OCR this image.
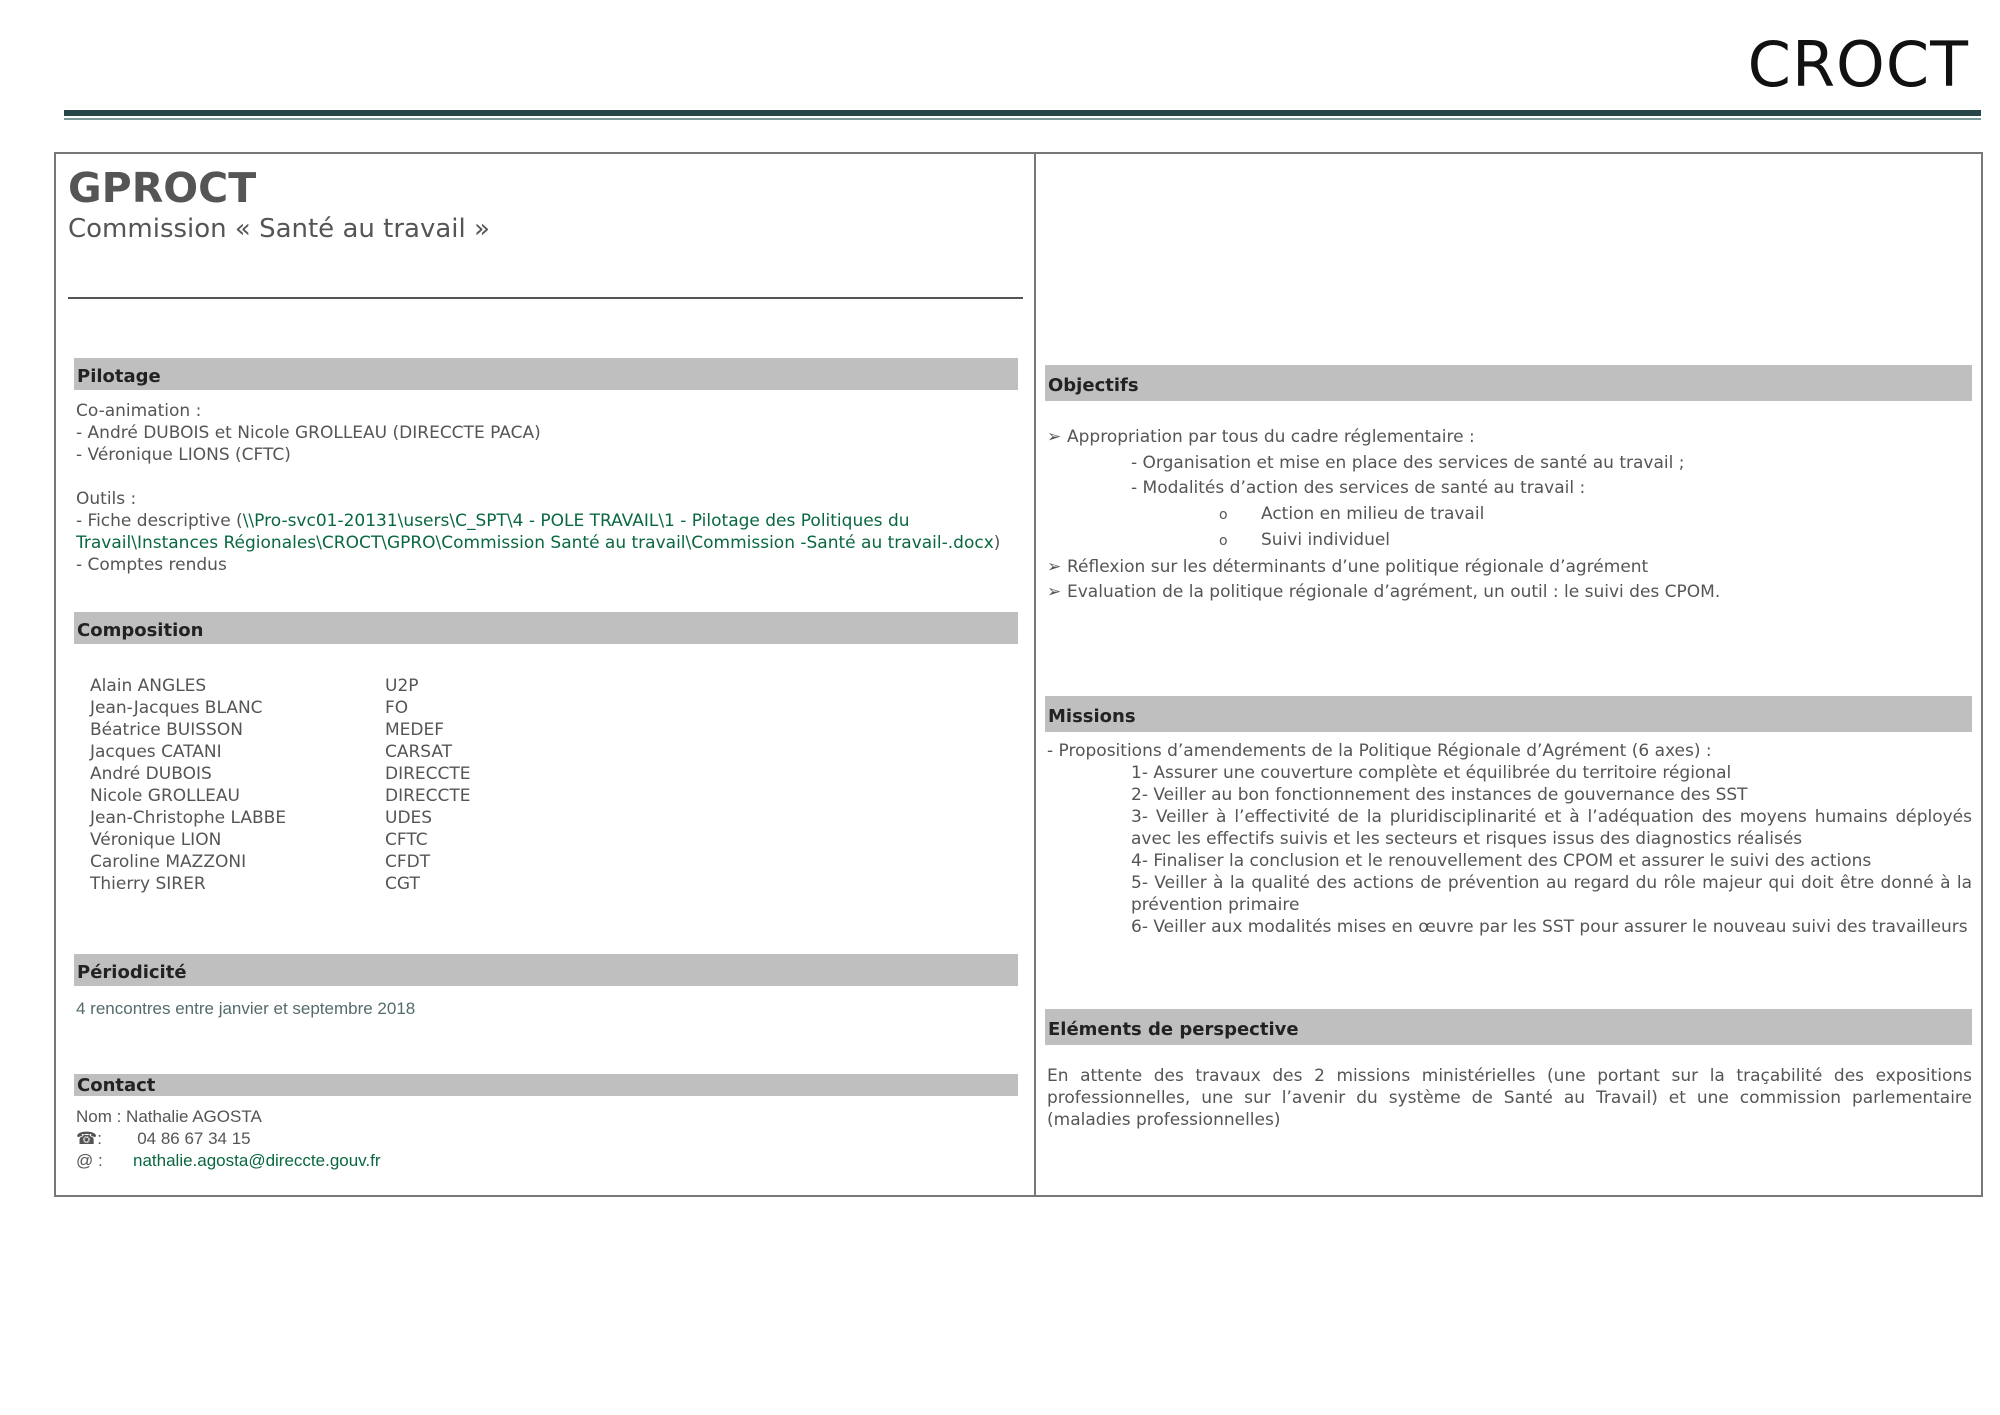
CROCT
GPROCT
Commission « Santé au travail »
Pilotage
Co-animation :
- André DUBOIS et Nicole GROLLEAU (DIRECCTE PACA)
- Véronique LIONS (CFTC)
Outils :
- Fiche descriptive (\\Pro-svc01-20131\users\C_SPT\4 - POLE TRAVAIL\1 - Pilotage des Politiques du
Travail\Instances Régionales\CROCT\GPRO\Commission Santé au travail\Commission -Santé au travail-.docx)
- Comptes rendus
Composition
Alain ANGLES	U2P
Jean-Jacques BLANC	FO
Béatrice BUISSON	MEDEF
Jacques CATANI	CARSAT
André DUBOIS	DIRECCTE
Nicole GROLLEAU	DIRECCTE
Jean-Christophe LABBE	UDES
Véronique LION	CFTC
Caroline MAZZONI	CFDT
Thierry SIRER	CGT
Périodicité
4 rencontres entre janvier et septembre 2018
Contact
Nom : Nathalie AGOSTA
☎: 04 86 67 34 15
@ : nathalie.agosta@direccte.gouv.fr
Objectifs
➢ Appropriation par tous du cadre réglementaire :
- Organisation et mise en place des services de santé au travail ;
- Modalités d’action des services de santé au travail :
o Action en milieu de travail
o Suivi individuel
➢ Réflexion sur les déterminants d’une politique régionale d’agrément
➢ Evaluation de la politique régionale d’agrément, un outil : le suivi des CPOM.
Missions
- Propositions d’amendements de la Politique Régionale d’Agrément (6 axes) :
1- Assurer une couverture complète et équilibrée du territoire régional
2- Veiller au bon fonctionnement des instances de gouvernance des SST
3- Veiller à l’effectivité de la pluridisciplinarité et à l’adéquation des moyens humains déployés avec les effectifs suivis et les secteurs et risques issus des diagnostics réalisés
4- Finaliser la conclusion et le renouvellement des CPOM et assurer le suivi des actions
5- Veiller à la qualité des actions de prévention au regard du rôle majeur qui doit être donné à la prévention primaire
6- Veiller aux modalités mises en œuvre par les SST pour assurer le nouveau suivi des travailleurs
Eléments de perspective
En attente des travaux des 2 missions ministérielles (une portant sur la traçabilité des expositions professionnelles, une sur l’avenir du système de Santé au Travail) et une commission parlementaire (maladies professionnelles)
